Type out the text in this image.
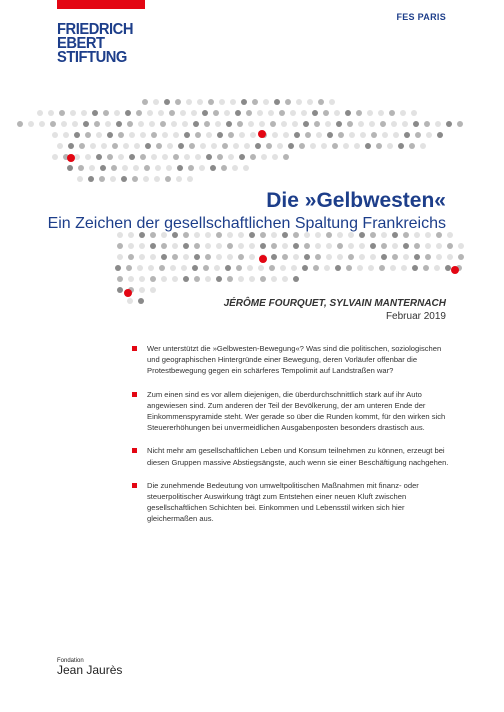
FRIEDRICH
EBERT
STIFTUNG
FES PARIS
Die »Gelbwesten«
Ein Zeichen der gesellschaftlichen Spaltung Frankreichs
JÉRÔME FOURQUET, SYLVAIN MANTERNACH
Februar 2019
Wer unterstützt die »Gelbwesten-Bewegung«? Was sind die politischen, soziologischen und geographischen Hintergründe einer Bewegung, deren Vorläufer offenbar die Protestbewegung gegen ein schärferes Tempolimit auf Landstraßen war?
Zum einen sind es vor allem diejenigen, die überdurchschnittlich stark auf ihr Auto angewiesen sind. Zum anderen der Teil der Bevölkerung, der am unteren Ende der Einkommenspyramide steht. Wer gerade so über die Runden kommt, für den wirken sich Steuererhöhungen bei unvermeidlichen Ausgabenposten besonders drastisch aus.
Nicht mehr am gesellschaftlichen Leben und Konsum teilnehmen zu können, erzeugt bei diesen Gruppen massive Abstiegsängste, auch wenn sie einer Beschäftigung nachgehen.
Die zunehmende Bedeutung von umweltpolitischen Maßnahmen mit finanz- oder steuerpolitischer Auswirkung trägt zum Entstehen einer neuen Kluft zwischen gesellschaftlichen Schichten bei. Einkommen und Lebensstil wirken sich hier gleichermaßen aus.
Fondation
Jean Jaurès
